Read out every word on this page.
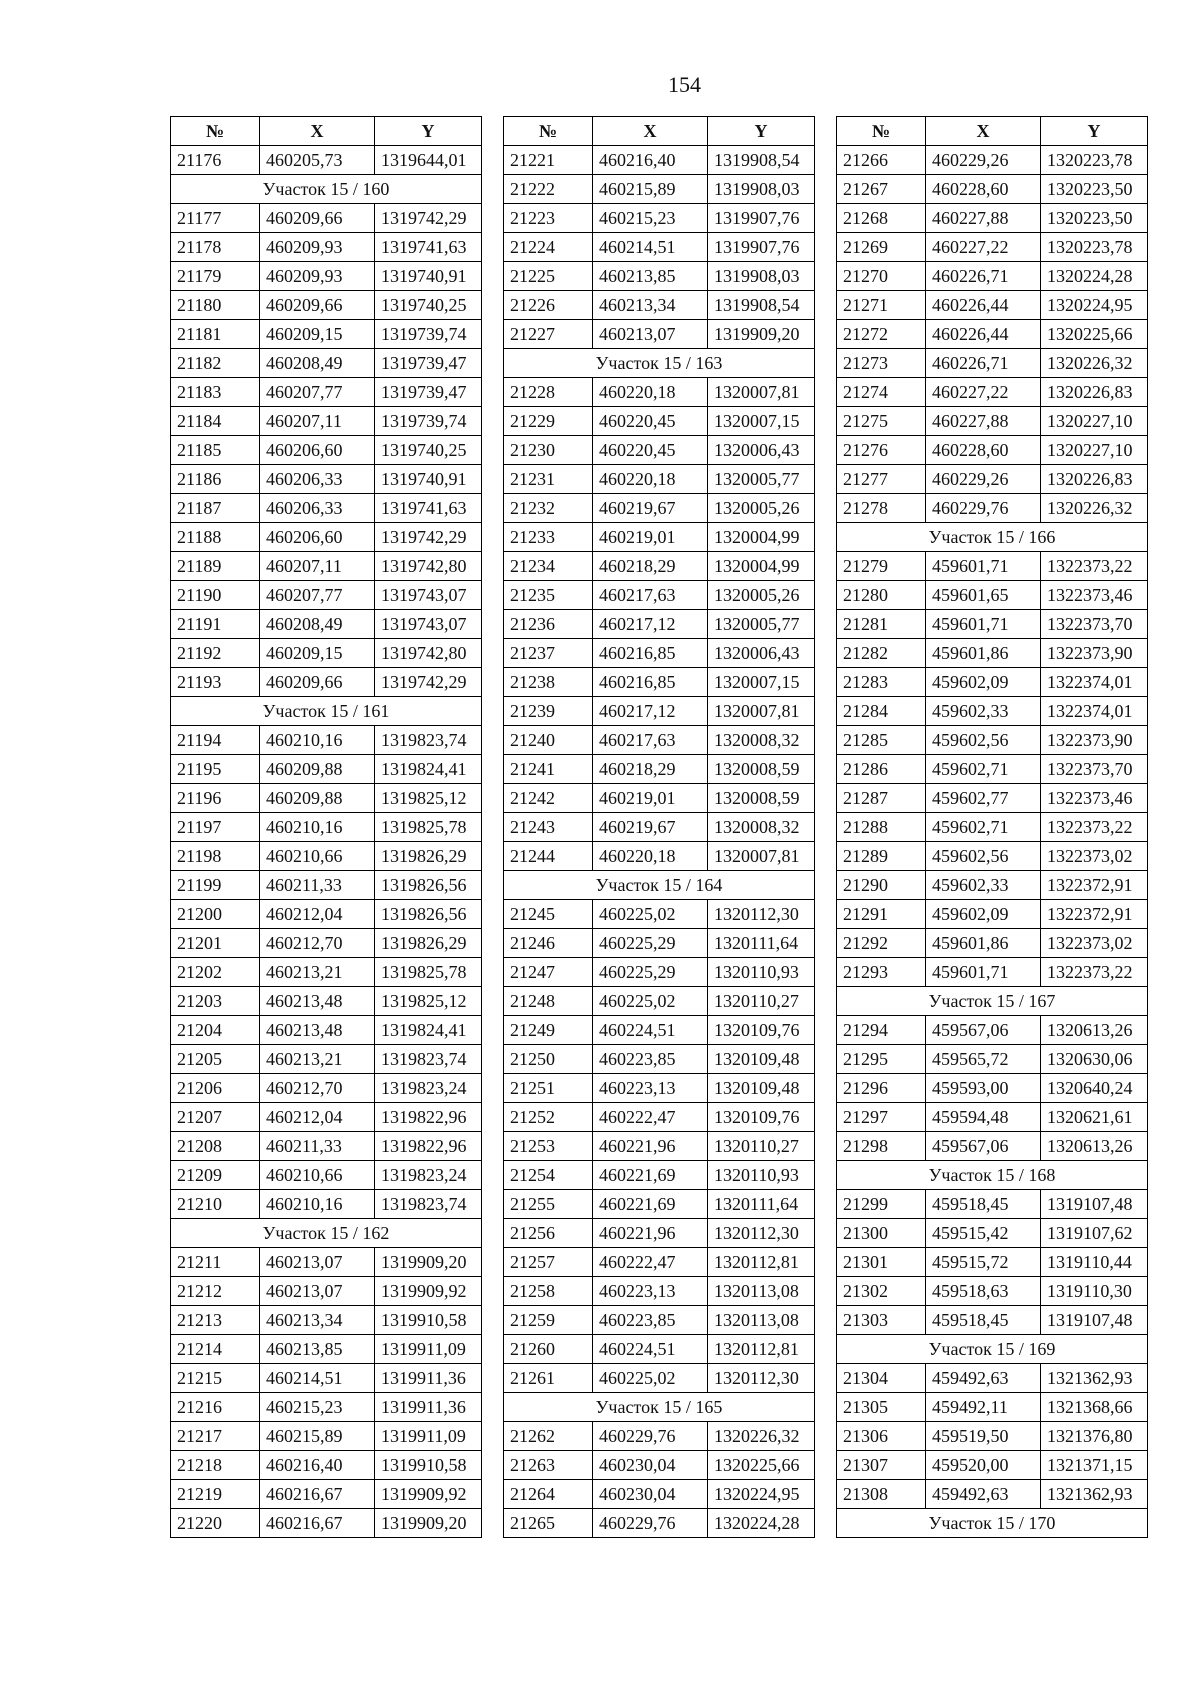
154
№	X	Y
21176	460205,73	1319644,01
Участок 15 / 160		
21177	460209,66	1319742,29
21178	460209,93	1319741,63
21179	460209,93	1319740,91
21180	460209,66	1319740,25
21181	460209,15	1319739,74
21182	460208,49	1319739,47
21183	460207,77	1319739,47
21184	460207,11	1319739,74
21185	460206,60	1319740,25
21186	460206,33	1319740,91
21187	460206,33	1319741,63
21188	460206,60	1319742,29
21189	460207,11	1319742,80
21190	460207,77	1319743,07
21191	460208,49	1319743,07
21192	460209,15	1319742,80
21193	460209,66	1319742,29
Участок 15 / 161		
21194	460210,16	1319823,74
21195	460209,88	1319824,41
21196	460209,88	1319825,12
21197	460210,16	1319825,78
21198	460210,66	1319826,29
21199	460211,33	1319826,56
21200	460212,04	1319826,56
21201	460212,70	1319826,29
21202	460213,21	1319825,78
21203	460213,48	1319825,12
21204	460213,48	1319824,41
21205	460213,21	1319823,74
21206	460212,70	1319823,24
21207	460212,04	1319822,96
21208	460211,33	1319822,96
21209	460210,66	1319823,24
21210	460210,16	1319823,74
Участок 15 / 162		
21211	460213,07	1319909,20
21212	460213,07	1319909,92
21213	460213,34	1319910,58
21214	460213,85	1319911,09
21215	460214,51	1319911,36
21216	460215,23	1319911,36
21217	460215,89	1319911,09
21218	460216,40	1319910,58
21219	460216,67	1319909,92
21220	460216,67	1319909,20
№	X	Y
21221	460216,40	1319908,54
21222	460215,89	1319908,03
21223	460215,23	1319907,76
21224	460214,51	1319907,76
21225	460213,85	1319908,03
21226	460213,34	1319908,54
21227	460213,07	1319909,20
Участок 15 / 163		
21228	460220,18	1320007,81
21229	460220,45	1320007,15
21230	460220,45	1320006,43
21231	460220,18	1320005,77
21232	460219,67	1320005,26
21233	460219,01	1320004,99
21234	460218,29	1320004,99
21235	460217,63	1320005,26
21236	460217,12	1320005,77
21237	460216,85	1320006,43
21238	460216,85	1320007,15
21239	460217,12	1320007,81
21240	460217,63	1320008,32
21241	460218,29	1320008,59
21242	460219,01	1320008,59
21243	460219,67	1320008,32
21244	460220,18	1320007,81
Участок 15 / 164		
21245	460225,02	1320112,30
21246	460225,29	1320111,64
21247	460225,29	1320110,93
21248	460225,02	1320110,27
21249	460224,51	1320109,76
21250	460223,85	1320109,48
21251	460223,13	1320109,48
21252	460222,47	1320109,76
21253	460221,96	1320110,27
21254	460221,69	1320110,93
21255	460221,69	1320111,64
21256	460221,96	1320112,30
21257	460222,47	1320112,81
21258	460223,13	1320113,08
21259	460223,85	1320113,08
21260	460224,51	1320112,81
21261	460225,02	1320112,30
Участок 15 / 165		
21262	460229,76	1320226,32
21263	460230,04	1320225,66
21264	460230,04	1320224,95
21265	460229,76	1320224,28
№	X	Y
21266	460229,26	1320223,78
21267	460228,60	1320223,50
21268	460227,88	1320223,50
21269	460227,22	1320223,78
21270	460226,71	1320224,28
21271	460226,44	1320224,95
21272	460226,44	1320225,66
21273	460226,71	1320226,32
21274	460227,22	1320226,83
21275	460227,88	1320227,10
21276	460228,60	1320227,10
21277	460229,26	1320226,83
21278	460229,76	1320226,32
Участок 15 / 166		
21279	459601,71	1322373,22
21280	459601,65	1322373,46
21281	459601,71	1322373,70
21282	459601,86	1322373,90
21283	459602,09	1322374,01
21284	459602,33	1322374,01
21285	459602,56	1322373,90
21286	459602,71	1322373,70
21287	459602,77	1322373,46
21288	459602,71	1322373,22
21289	459602,56	1322373,02
21290	459602,33	1322372,91
21291	459602,09	1322372,91
21292	459601,86	1322373,02
21293	459601,71	1322373,22
Участок 15 / 167		
21294	459567,06	1320613,26
21295	459565,72	1320630,06
21296	459593,00	1320640,24
21297	459594,48	1320621,61
21298	459567,06	1320613,26
Участок 15 / 168		
21299	459518,45	1319107,48
21300	459515,42	1319107,62
21301	459515,72	1319110,44
21302	459518,63	1319110,30
21303	459518,45	1319107,48
Участок 15 / 169		
21304	459492,63	1321362,93
21305	459492,11	1321368,66
21306	459519,50	1321376,80
21307	459520,00	1321371,15
21308	459492,63	1321362,93
Участок 15 / 170		
